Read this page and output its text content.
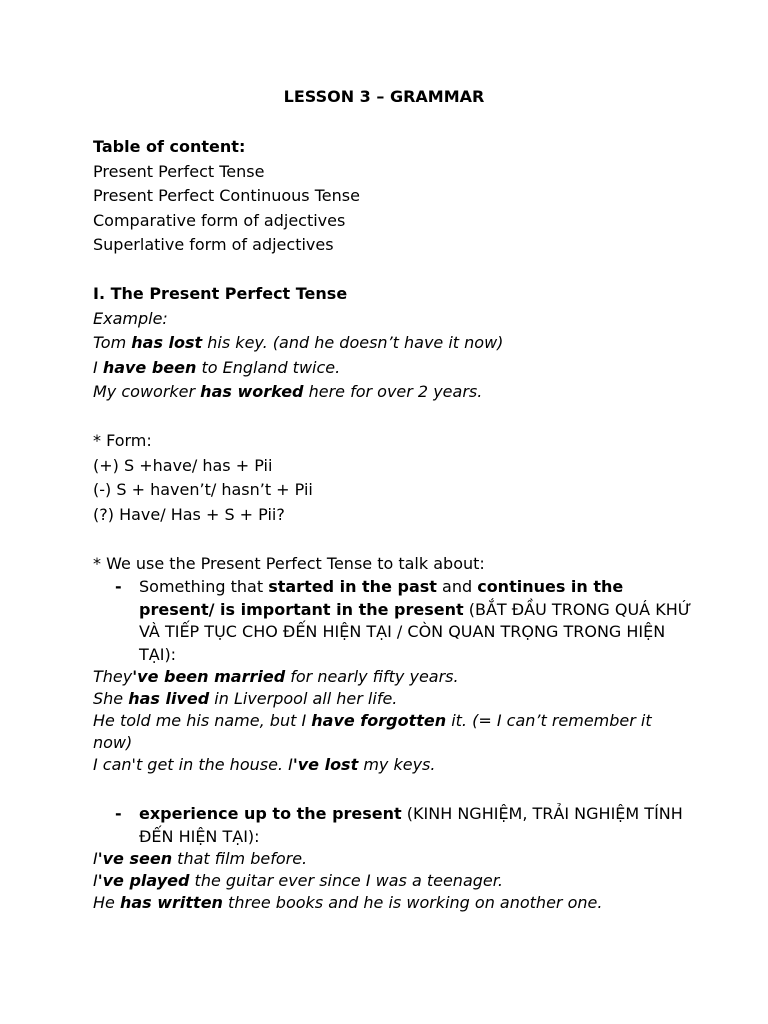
LESSON 3 – GRAMMAR

Table of content:

Present Perfect Tense

Present Perfect Continuous Tense

Comparative form of adjectives

Superlative form of adjectives

I. The Present Perfect Tense

Example:

Tom has lost his key. (and he doesn’t have it now)

I have been to England twice.

My coworker has worked here for over 2 years.

* Form:

(+) S +have/ has + Pii

(-) S + haven’t/ hasn’t + Pii

(?) Have/ Has + S + Pii?

* We use the Present Perfect Tense to talk about:

- Something that started in the past and continues in the present/ is important in the present (BẮT ĐẦU TRONG QUÁ KHỨ VÀ TIẾP TỤC CHO ĐẾN HIỆN TẠI / CÒN QUAN TRỌNG TRONG HIỆN TẠI):

They've been married for nearly fifty years.

She has lived in Liverpool all her life.

He told me his name, but I have forgotten it. (= I can’t remember it now)

I can't get in the house. I've lost my keys.

- experience up to the present (KINH NGHIỆM, TRẢI NGHIỆM TÍNH ĐẾN HIỆN TẠI):

I've seen that film before.

I've played the guitar ever since I was a teenager.

He has written three books and he is working on another one.
